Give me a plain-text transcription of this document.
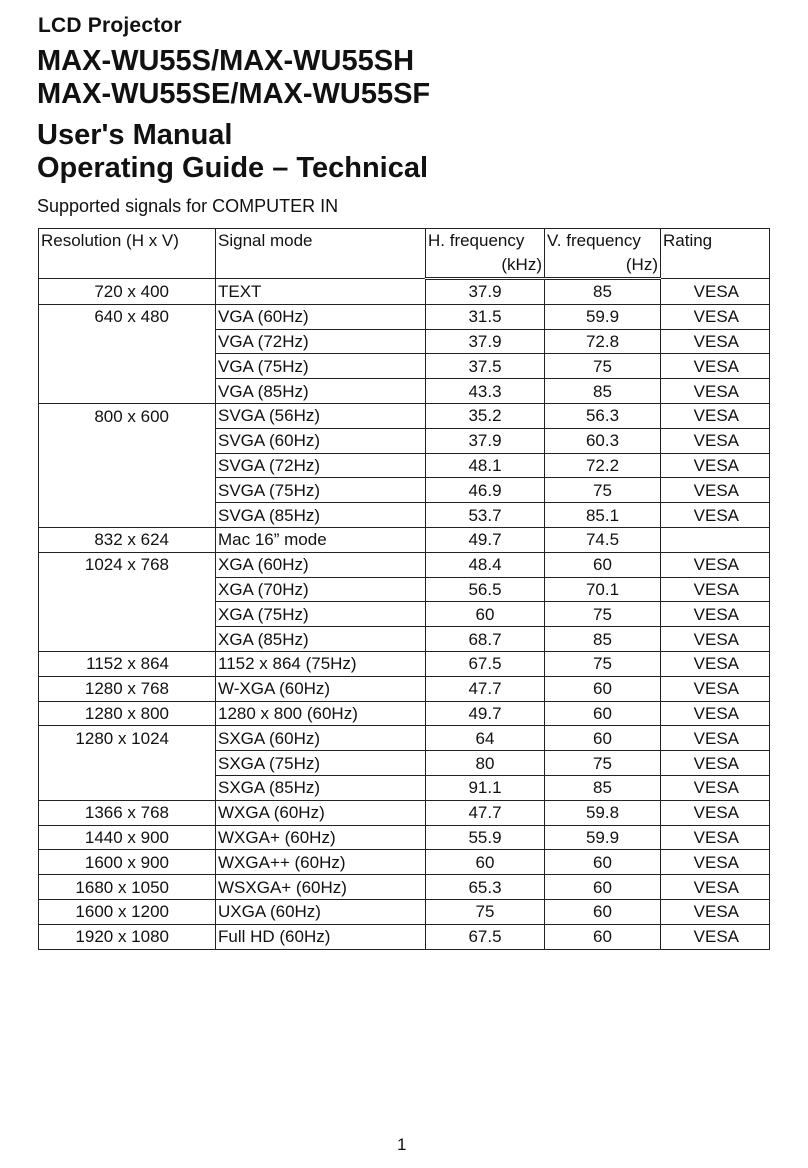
LCD Projector
MAX-WU55S/MAX-WU55SH
MAX-WU55SE/MAX-WU55SF
User's Manual
Operating Guide – Technical
Supported signals for COMPUTER IN
Resolution (H x V)	Signal mode	H. frequency	V. frequency	Rating
		(kHz)	(Hz)	
720 x 400	TEXT	37.9	85	VESA
640 x 480	VGA (60Hz)	31.5	59.9	VESA
	VGA (72Hz)	37.9	72.8	VESA
	VGA (75Hz)	37.5	75	VESA
	VGA (85Hz)	43.3	85	VESA
800 x 600	SVGA (56Hz)	35.2	56.3	VESA
	SVGA (60Hz)	37.9	60.3	VESA
	SVGA (72Hz)	48.1	72.2	VESA
	SVGA (75Hz)	46.9	75	VESA
	SVGA (85Hz)	53.7	85.1	VESA
832 x 624	Mac 16” mode	49.7	74.5	
1024 x 768	XGA (60Hz)	48.4	60	VESA
	XGA (70Hz)	56.5	70.1	VESA
	XGA (75Hz)	60	75	VESA
	XGA (85Hz)	68.7	85	VESA
1152 x 864	1152 x 864 (75Hz)	67.5	75	VESA
1280 x 768	W-XGA (60Hz)	47.7	60	VESA
1280 x 800	1280 x 800 (60Hz)	49.7	60	VESA
1280 x 1024	SXGA (60Hz)	64	60	VESA
	SXGA (75Hz)	80	75	VESA
	SXGA (85Hz)	91.1	85	VESA
1366 x 768	WXGA (60Hz)	47.7	59.8	VESA
1440 x 900	WXGA+ (60Hz)	55.9	59.9	VESA
1600 x 900	WXGA++ (60Hz)	60	60	VESA
1680 x 1050	WSXGA+ (60Hz)	65.3	60	VESA
1600 x 1200	UXGA (60Hz)	75	60	VESA
1920 x 1080	Full HD (60Hz)	67.5	60	VESA
1
